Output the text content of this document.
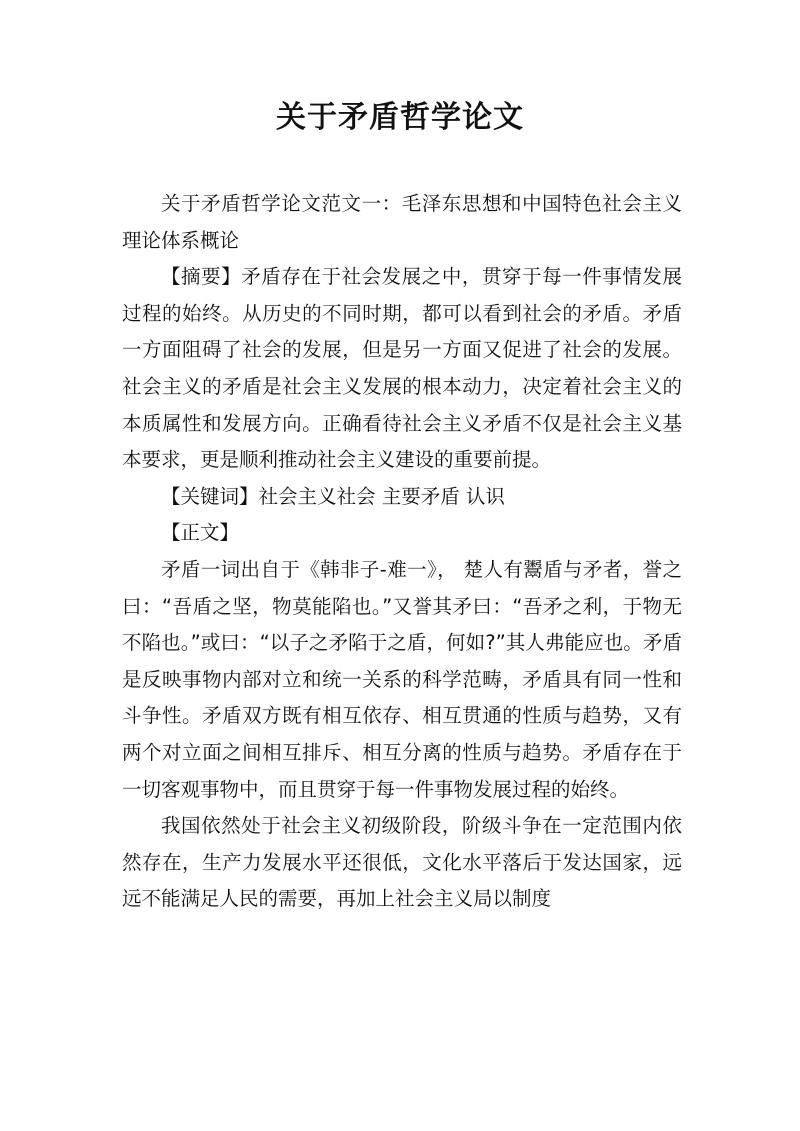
关于矛盾哲学论文

关于矛盾哲学论文范文一：毛泽东思想和中国特色社会主义理论体系概论

【摘要】矛盾存在于社会发展之中，贯穿于每一件事情发展过程的始终。从历史的不同时期，都可以看到社会的矛盾。矛盾一方面阻碍了社会的发展，但是另一方面又促进了社会的发展。社会主义的矛盾是社会主义发展的根本动力，决定着社会主义的本质属性和发展方向。正确看待社会主义矛盾不仅是社会主义基本要求，更是顺利推动社会主义建设的重要前提。

【关键词】社会主义社会 主要矛盾 认识

【正文】

矛盾一词出自于《韩非子-难一》， 楚人有鬻盾与矛者，誉之曰：“吾盾之坚，物莫能陷也。”又誉其矛曰：“吾矛之利，于物无不陷也。”或曰：“以子之矛陷于之盾，何如?”其人弗能应也。矛盾是反映事物内部对立和统一关系的科学范畴，矛盾具有同一性和斗争性。矛盾双方既有相互依存、相互贯通的性质与趋势，又有两个对立面之间相互排斥、相互分离的性质与趋势。矛盾存在于一切客观事物中，而且贯穿于每一件事物发展过程的始终。

我国依然处于社会主义初级阶段，阶级斗争在一定范围内依然存在，生产力发展水平还很低，文化水平落后于发达国家，远远不能满足人民的需要，再加上社会主义局以制度
